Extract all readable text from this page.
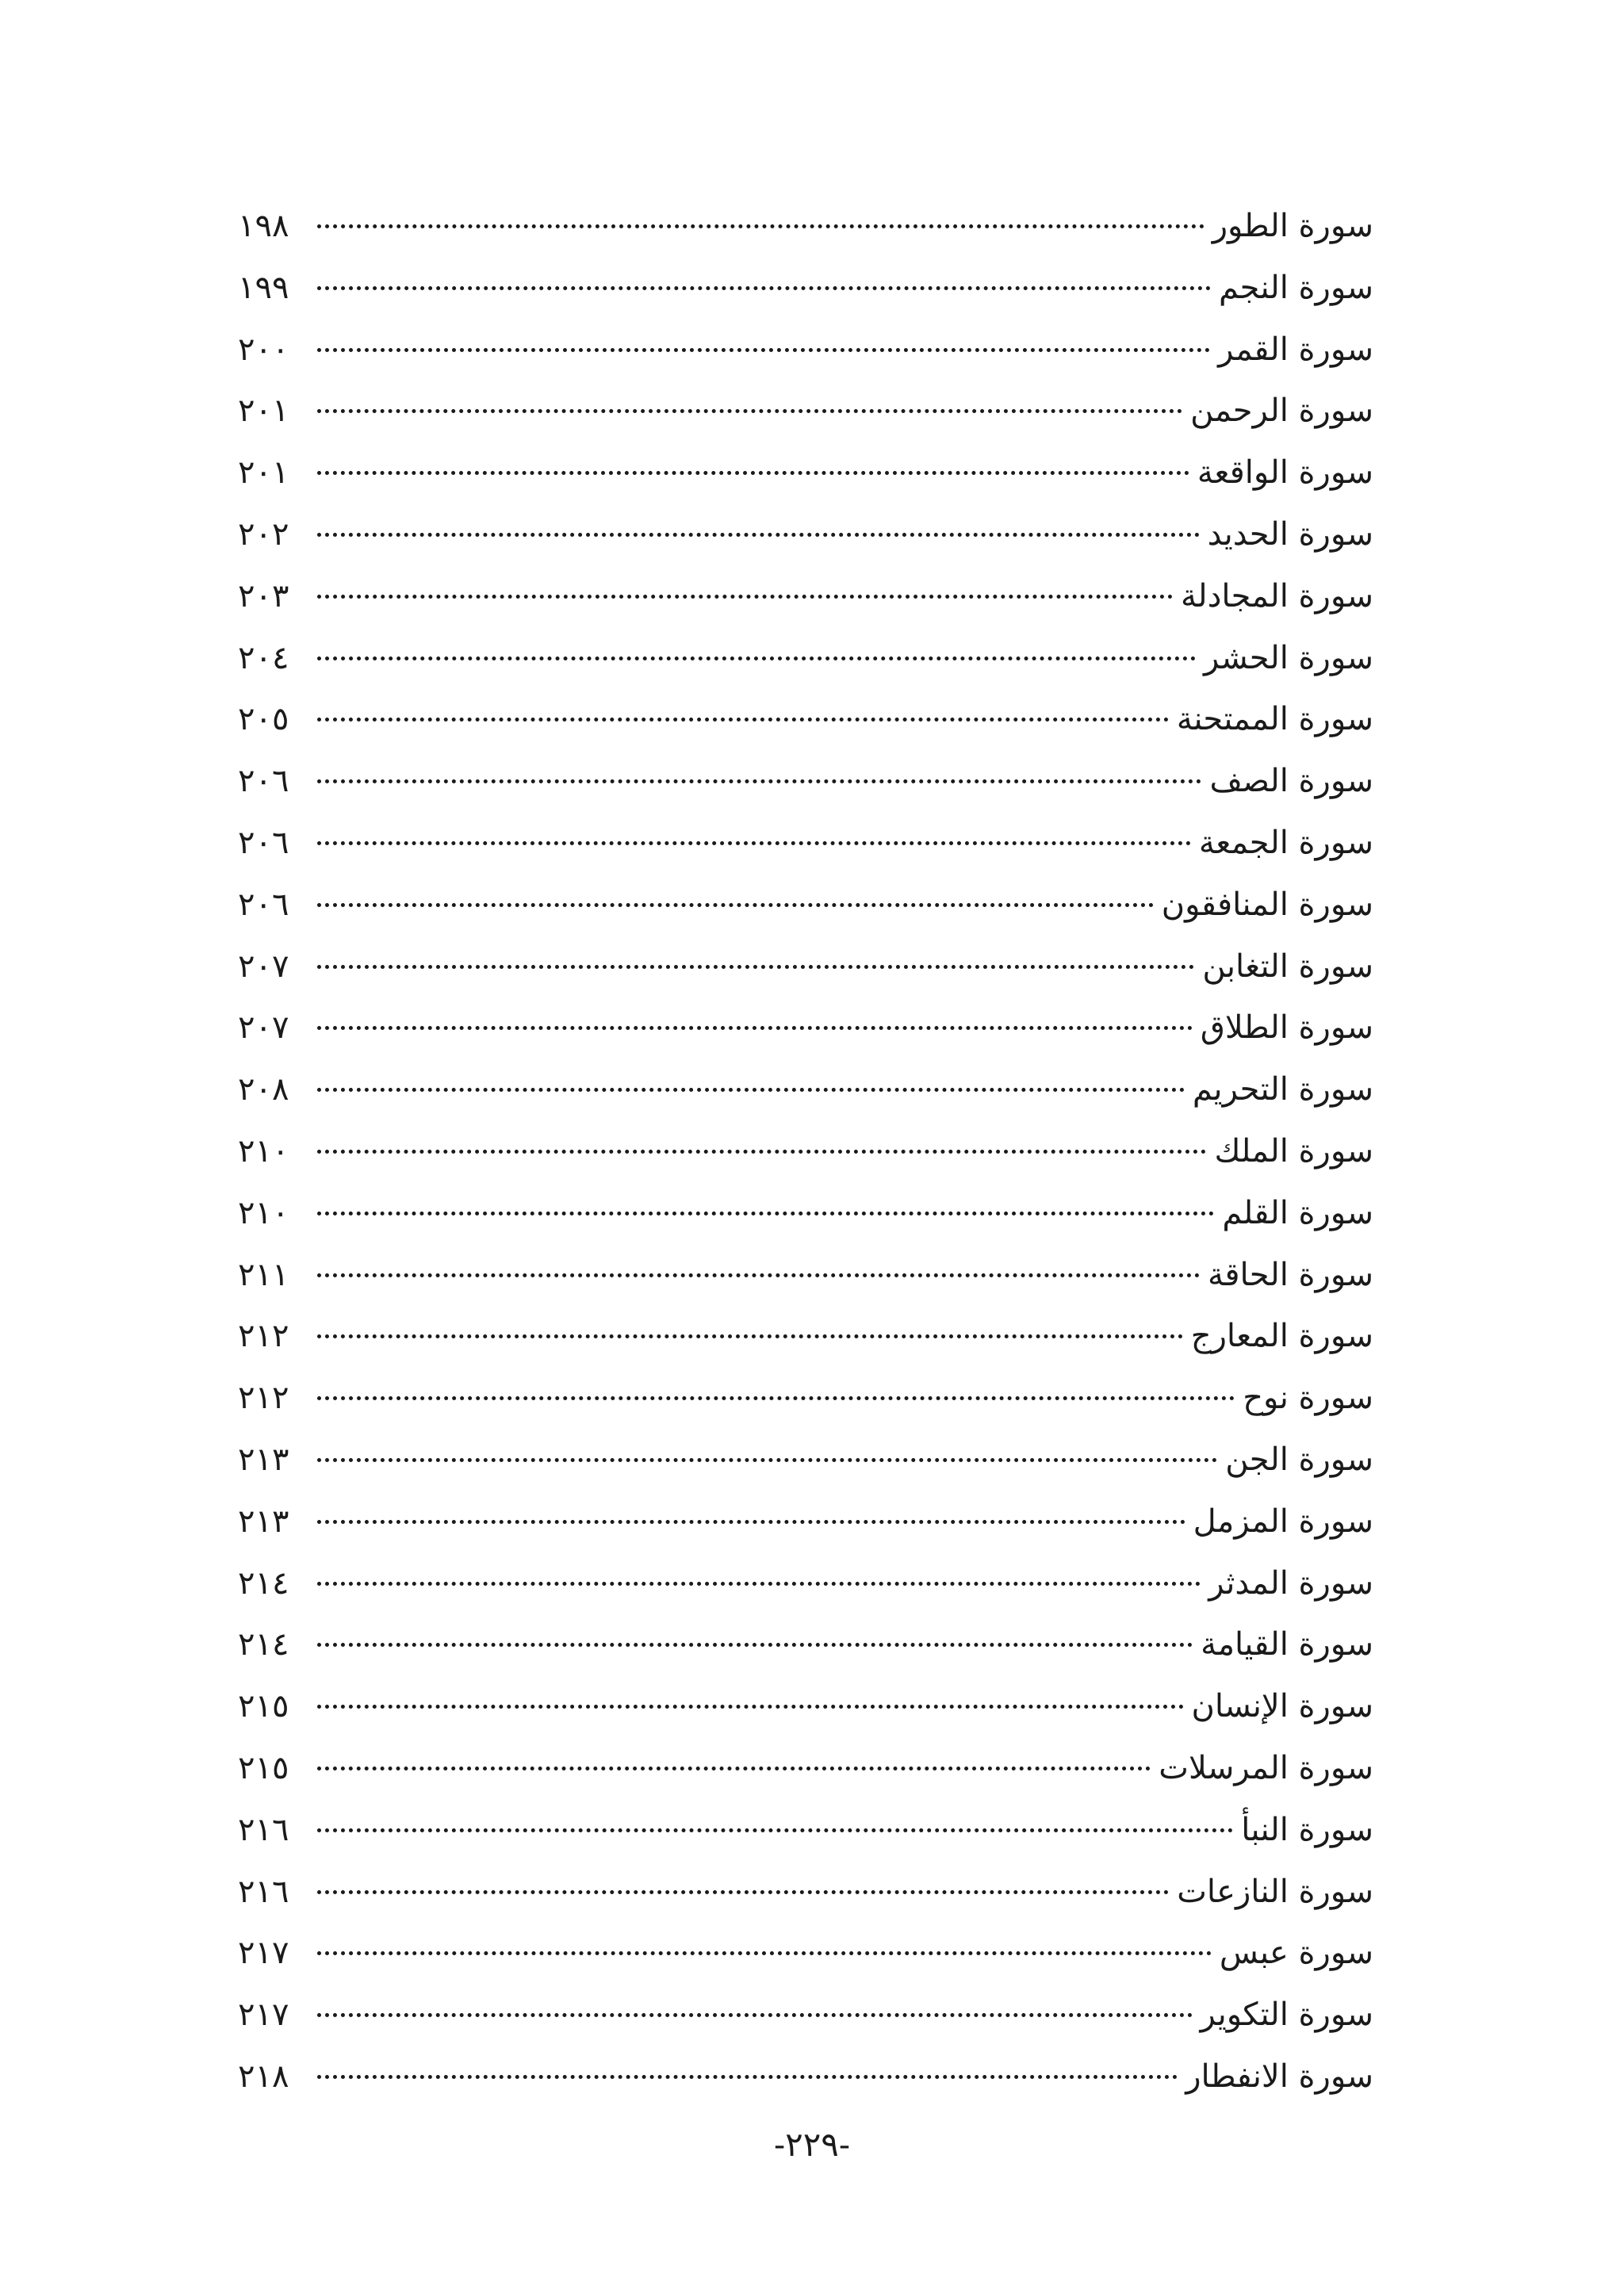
سورة الطور
١٩٨
سورة النجم
١٩٩
سورة القمر
٢٠٠
سورة الرحمن
٢٠١
سورة الواقعة
٢٠١
سورة الحديد
٢٠٢
سورة المجادلة
٢٠٣
سورة الحشر
٢٠٤
سورة الممتحنة
٢٠٥
سورة الصف
٢٠٦
سورة الجمعة
٢٠٦
سورة المنافقون
٢٠٦
سورة التغابن
٢٠٧
سورة الطلاق
٢٠٧
سورة التحريم
٢٠٨
سورة الملك
٢١٠
سورة القلم
٢١٠
سورة الحاقة
٢١١
سورة المعارج
٢١٢
سورة نوح
٢١٢
سورة الجن
٢١٣
سورة المزمل
٢١٣
سورة المدثر
٢١٤
سورة القيامة
٢١٤
سورة الإنسان
٢١٥
سورة المرسلات
٢١٥
سورة النبأ
٢١٦
سورة النازعات
٢١٦
سورة عبس
٢١٧
سورة التكوير
٢١٧
سورة الانفطار
٢١٨
-٢٢٩-
